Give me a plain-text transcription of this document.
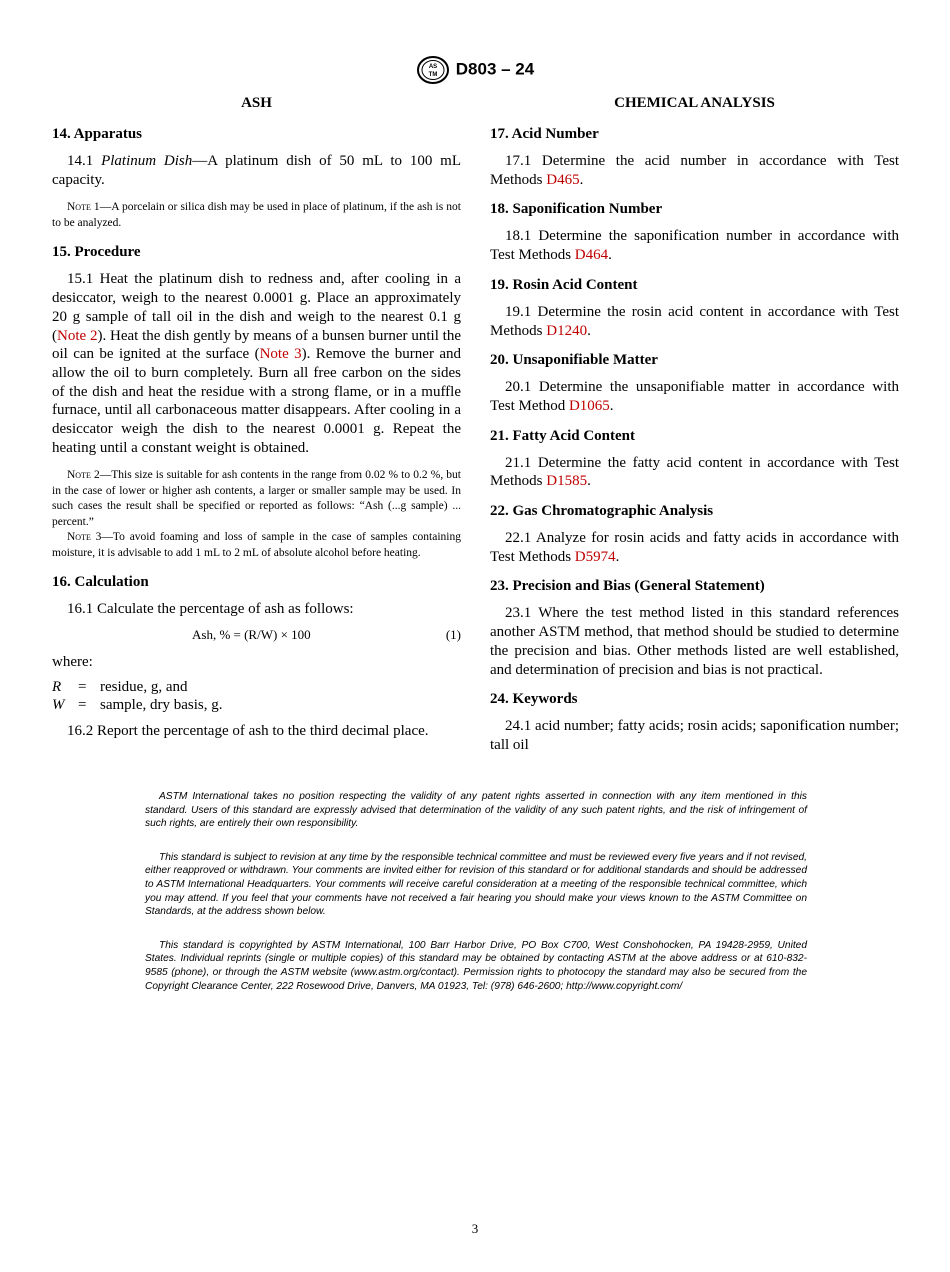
AS
TM D803 – 24
ASH
14. Apparatus

14.1 Platinum Dish—A platinum dish of 50 mL to 100 mL capacity.

Note 1—A porcelain or silica dish may be used in place of platinum, if the ash is not to be analyzed.
15. Procedure

15.1 Heat the platinum dish to redness and, after cooling in a desiccator, weigh to the nearest 0.0001 g. Place an approximately 20 g sample of tall oil in the dish and weigh to the nearest 0.1 g (Note 2). Heat the dish gently by means of a bunsen burner until the oil can be ignited at the surface (Note 3). Remove the burner and allow the oil to burn completely. Burn all free carbon on the sides of the dish and heat the residue with a strong flame, or in a muffle furnace, until all carbonaceous matter disappears. After cooling in a desiccator weigh the dish to the nearest 0.0001 g. Repeat the heating until a constant weight is obtained.

Note 2—This size is suitable for ash contents in the range from 0.02 % to 0.2 %, but in the case of lower or higher ash contents, a larger or smaller sample may be used. In such cases the result shall be specified or reported as follows: “Ash (...g sample) ... percent.”
Note 3—To avoid foaming and loss of sample in the case of samples containing moisture, it is advisable to add 1 mL to 2 mL of absolute alcohol before heating.
16. Calculation

16.1 Calculate the percentage of ash as follows:

Ash, % = (R/W) × 100	(1)
where:
R	= residue, g, and
W = sample, dry basis, g.

16.2 Report the percentage of ash to the third decimal place.

CHEMICAL ANALYSIS
17. Acid Number

17.1 Determine the acid number in accordance with Test Methods D465.

18. Saponification Number

18.1 Determine the saponification number in accordance with Test Methods D464.

19. Rosin Acid Content

19.1 Determine the rosin acid content in accordance with Test Methods D1240.

20. Unsaponifiable Matter

20.1 Determine the unsaponifiable matter in accordance with Test Method D1065.

21. Fatty Acid Content

21.1 Determine the fatty acid content in accordance with Test Methods D1585.

22. Gas Chromatographic Analysis

22.1 Analyze for rosin acids and fatty acids in accordance with Test Methods D5974.

23. Precision and Bias (General Statement)

23.1 Where the test method listed in this standard references another ASTM method, that method should be studied to determine the precision and bias. Other methods listed are well established, and determination of precision and bias is not practical.

24. Keywords

24.1 acid number; fatty acids; rosin acids; saponification number; tall oil

ASTM International takes no position respecting the validity of any patent rights asserted in connection with any item mentioned in this standard. Users of this standard are expressly advised that determination of the validity of any such patent rights, and the risk of infringement of such rights, are entirely their own responsibility.

This standard is subject to revision at any time by the responsible technical committee and must be reviewed every five years and if not revised, either reapproved or withdrawn. Your comments are invited either for revision of this standard or for additional standards and should be addressed to ASTM International Headquarters. Your comments will receive careful consideration at a meeting of the responsible technical committee, which you may attend. If you feel that your comments have not received a fair hearing you should make your views known to the ASTM Committee on Standards, at the address shown below.

This standard is copyrighted by ASTM International, 100 Barr Harbor Drive, PO Box C700, West Conshohocken, PA 19428-2959, United States. Individual reprints (single or multiple copies) of this standard may be obtained by contacting ASTM at the above address or at 610-832-9585 (phone), or through the ASTM website (www.astm.org/contact). Permission rights to photocopy the standard may also be secured from the Copyright Clearance Center, 222 Rosewood Drive, Danvers, MA 01923, Tel: (978) 646-2600; http://www.copyright.com/

3
